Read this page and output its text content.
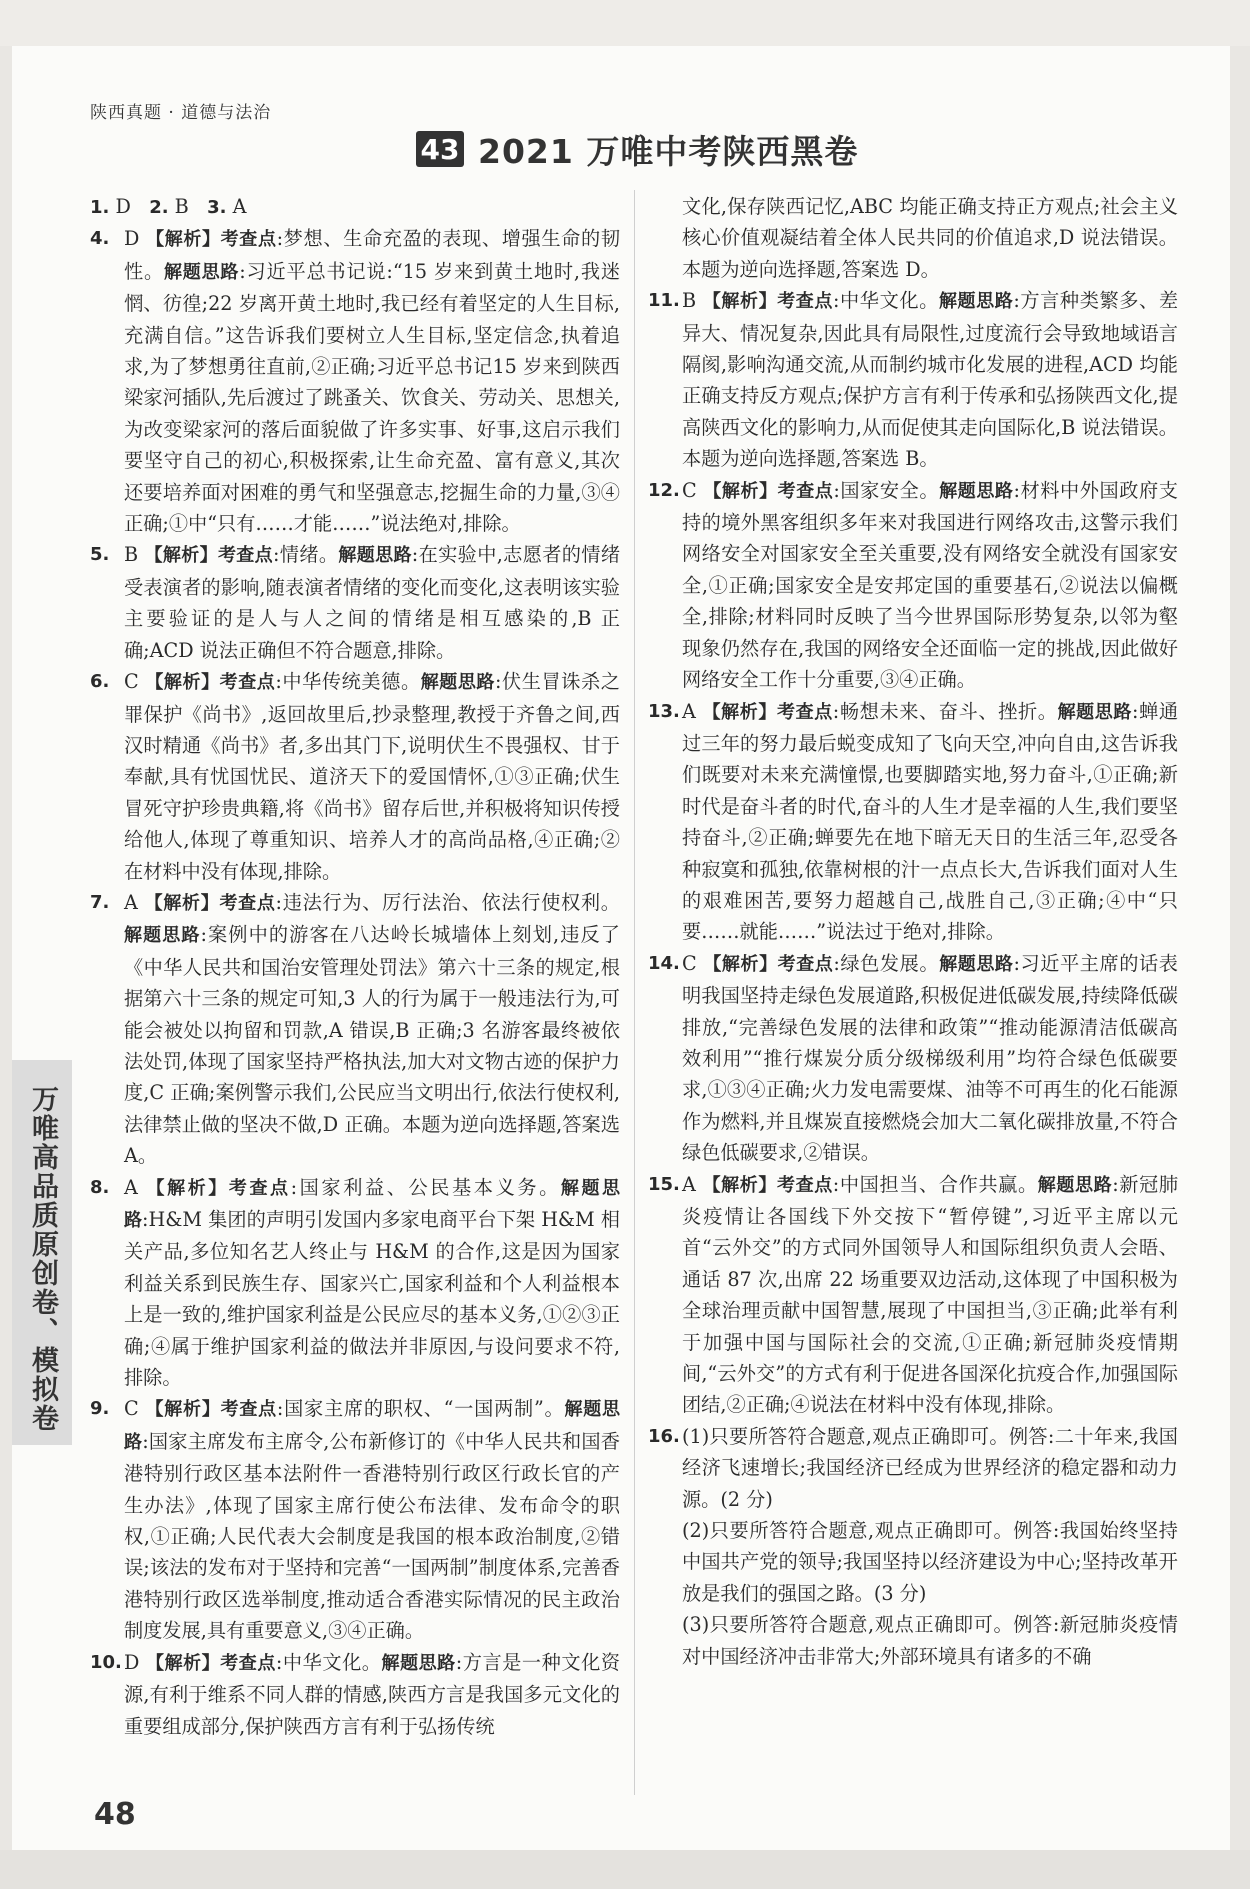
陕西真题 · 道德与法治
43 2021 万唯中考陕西黑卷

1. D 2. B 3. A

4. D 【解析】考查点:梦想、生命充盈的表现、增强生命的韧性。解题思路:习近平总书记说:“15 岁来到黄土地时,我迷惘、彷徨;22 岁离开黄土地时,我已经有着坚定的人生目标,充满自信。”这告诉我们要树立人生目标,坚定信念,执着追求,为了梦想勇往直前,②正确;习近平总书记15 岁来到陕西梁家河插队,先后渡过了跳蚤关、饮食关、劳动关、思想关,为改变梁家河的落后面貌做了许多实事、好事,这启示我们要坚守自己的初心,积极探索,让生命充盈、富有意义,其次还要培养面对困难的勇气和坚强意志,挖掘生命的力量,③④正确;①中“只有……才能……”说法绝对,排除。

5. B 【解析】考查点:情绪。解题思路:在实验中,志愿者的情绪受表演者的影响,随表演者情绪的变化而变化,这表明该实验主要验证的是人与人之间的情绪是相互感染的,B 正确;ACD 说法正确但不符合题意,排除。

6. C 【解析】考查点:中华传统美德。解题思路:伏生冒诛杀之罪保护《尚书》,返回故里后,抄录整理,教授于齐鲁之间,西汉时精通《尚书》者,多出其门下,说明伏生不畏强权、甘于奉献,具有忧国忧民、道济天下的爱国情怀,①③正确;伏生冒死守护珍贵典籍,将《尚书》留存后世,并积极将知识传授给他人,体现了尊重知识、培养人才的高尚品格,④正确;②在材料中没有体现,排除。

7. A 【解析】考查点:违法行为、厉行法治、依法行使权利。解题思路:案例中的游客在八达岭长城墙体上刻划,违反了《中华人民共和国治安管理处罚法》第六十三条的规定,根据第六十三条的规定可知,3 人的行为属于一般违法行为,可能会被处以拘留和罚款,A 错误,B 正确;3 名游客最终被依法处罚,体现了国家坚持严格执法,加大对文物古迹的保护力度,C 正确;案例警示我们,公民应当文明出行,依法行使权利,法律禁止做的坚决不做,D 正确。本题为逆向选择题,答案选 A。

8. A 【解析】考查点:国家利益、公民基本义务。解题思路:H&M 集团的声明引发国内多家电商平台下架 H&M 相关产品,多位知名艺人终止与 H&M 的合作,这是因为国家利益关系到民族生存、国家兴亡,国家利益和个人利益根本上是一致的,维护国家利益是公民应尽的基本义务,①②③正确;④属于维护国家利益的做法并非原因,与设问要求不符,排除。

9. C 【解析】考查点:国家主席的职权、“一国两制”。解题思路:国家主席发布主席令,公布新修订的《中华人民共和国香港特别行政区基本法附件一香港特别行政区行政长官的产生办法》,体现了国家主席行使公布法律、发布命令的职权,①正确;人民代表大会制度是我国的根本政治制度,②错误;该法的发布对于坚持和完善“一国两制”制度体系,完善香港特别行政区选举制度,推动适合香港实际情况的民主政治制度发展,具有重要意义,③④正确。

10. D 【解析】考查点:中华文化。解题思路:方言是一种文化资源,有利于维系不同人群的情感,陕西方言是我国多元文化的重要组成部分,保护陕西方言有利于弘扬传统

文化,保存陕西记忆,ABC 均能正确支持正方观点;社会主义核心价值观凝结着全体人民共同的价值追求,D 说法错误。本题为逆向选择题,答案选 D。

11. B 【解析】考查点:中华文化。解题思路:方言种类繁多、差异大、情况复杂,因此具有局限性,过度流行会导致地域语言隔阂,影响沟通交流,从而制约城市化发展的进程,ACD 均能正确支持反方观点;保护方言有利于传承和弘扬陕西文化,提高陕西文化的影响力,从而促使其走向国际化,B 说法错误。本题为逆向选择题,答案选 B。

12. C 【解析】考查点:国家安全。解题思路:材料中外国政府支持的境外黑客组织多年来对我国进行网络攻击,这警示我们网络安全对国家安全至关重要,没有网络安全就没有国家安全,①正确;国家安全是安邦定国的重要基石,②说法以偏概全,排除;材料同时反映了当今世界国际形势复杂,以邻为壑现象仍然存在,我国的网络安全还面临一定的挑战,因此做好网络安全工作十分重要,③④正确。

13. A 【解析】考查点:畅想未来、奋斗、挫折。解题思路:蝉通过三年的努力最后蜕变成知了飞向天空,冲向自由,这告诉我们既要对未来充满憧憬,也要脚踏实地,努力奋斗,①正确;新时代是奋斗者的时代,奋斗的人生才是幸福的人生,我们要坚持奋斗,②正确;蝉要先在地下暗无天日的生活三年,忍受各种寂寞和孤独,依靠树根的汁一点点长大,告诉我们面对人生的艰难困苦,要努力超越自己,战胜自己,③正确;④中“只要……就能……”说法过于绝对,排除。

14. C 【解析】考查点:绿色发展。解题思路:习近平主席的话表明我国坚持走绿色发展道路,积极促进低碳发展,持续降低碳排放,“完善绿色发展的法律和政策”“推动能源清洁低碳高效利用”“推行煤炭分质分级梯级利用”均符合绿色低碳要求,①③④正确;火力发电需要煤、油等不可再生的化石能源作为燃料,并且煤炭直接燃烧会加大二氧化碳排放量,不符合绿色低碳要求,②错误。

15. A 【解析】考查点:中国担当、合作共赢。解题思路:新冠肺炎疫情让各国线下外交按下“暂停键”,习近平主席以元首“云外交”的方式同外国领导人和国际组织负责人会晤、通话 87 次,出席 22 场重要双边活动,这体现了中国积极为全球治理贡献中国智慧,展现了中国担当,③正确;此举有利于加强中国与国际社会的交流,①正确;新冠肺炎疫情期间,“云外交”的方式有利于促进各国深化抗疫合作,加强国际团结,②正确;④说法在材料中没有体现,排除。

16. (1)只要所答符合题意,观点正确即可。例答:二十年来,我国经济飞速增长;我国经济已经成为世界经济的稳定器和动力源。(2 分)

(2)只要所答符合题意,观点正确即可。例答:我国始终坚持中国共产党的领导;我国坚持以经济建设为中心;坚持改革开放是我们的强国之路。(3 分)

(3)只要所答符合题意,观点正确即可。例答:新冠肺炎疫情对中国经济冲击非常大;外部环境具有诸多的不确

万唯高品质原创卷、模拟卷
48
